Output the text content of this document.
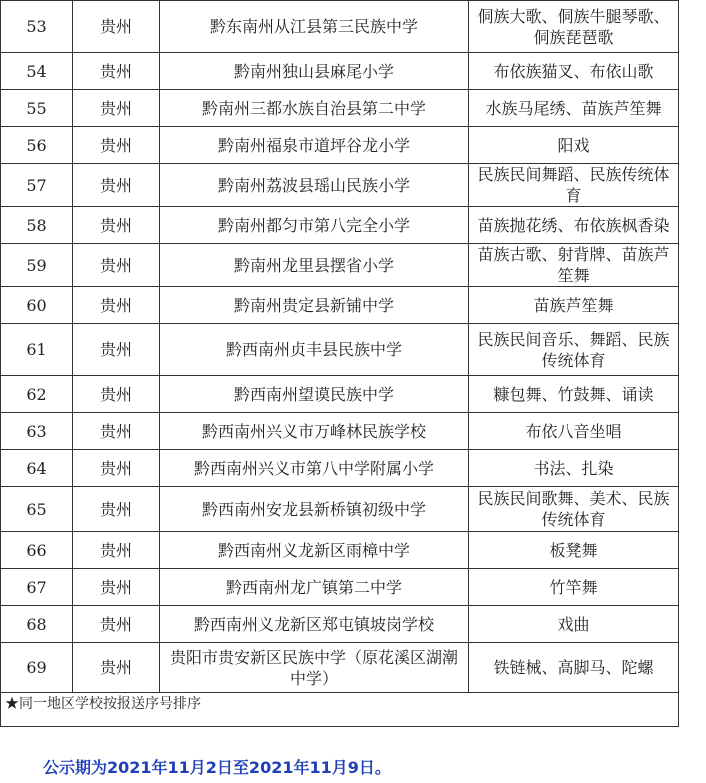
53	贵州	黔东南州从江县第三民族中学	侗族大歌、侗族牛腿琴歌、侗族琵琶歌
54	贵州	黔南州独山县麻尾小学	布依族猫叉、布依山歌
55	贵州	黔南州三都水族自治县第二中学	水族马尾绣、苗族芦笙舞
56	贵州	黔南州福泉市道坪谷龙小学	阳戏
57	贵州	黔南州荔波县瑶山民族小学	民族民间舞蹈、民族传统体育
58	贵州	黔南州都匀市第八完全小学	苗族抛花绣、布依族枫香染
59	贵州	黔南州龙里县摆省小学	苗族古歌、射背牌、苗族芦笙舞
60	贵州	黔南州贵定县新铺中学	苗族芦笙舞
61	贵州	黔西南州贞丰县民族中学	民族民间音乐、舞蹈、民族传统体育
62	贵州	黔西南州望谟民族中学	糠包舞、竹鼓舞、诵读
63	贵州	黔西南州兴义市万峰林民族学校	布依八音坐唱
64	贵州	黔西南州兴义市第八中学附属小学	书法、扎染
65	贵州	黔西南州安龙县新桥镇初级中学	民族民间歌舞、美术、民族传统体育
66	贵州	黔西南州义龙新区雨樟中学	板凳舞
67	贵州	黔西南州龙广镇第二中学	竹竿舞
68	贵州	黔西南州义龙新区郑屯镇坡岗学校	戏曲
69	贵州	贵阳市贵安新区民族中学（原花溪区湖潮中学）	铁链械、高脚马、陀螺
★同一地区学校按报送序号排序			
公示期为2021年11月2日至2021年11月9日。
